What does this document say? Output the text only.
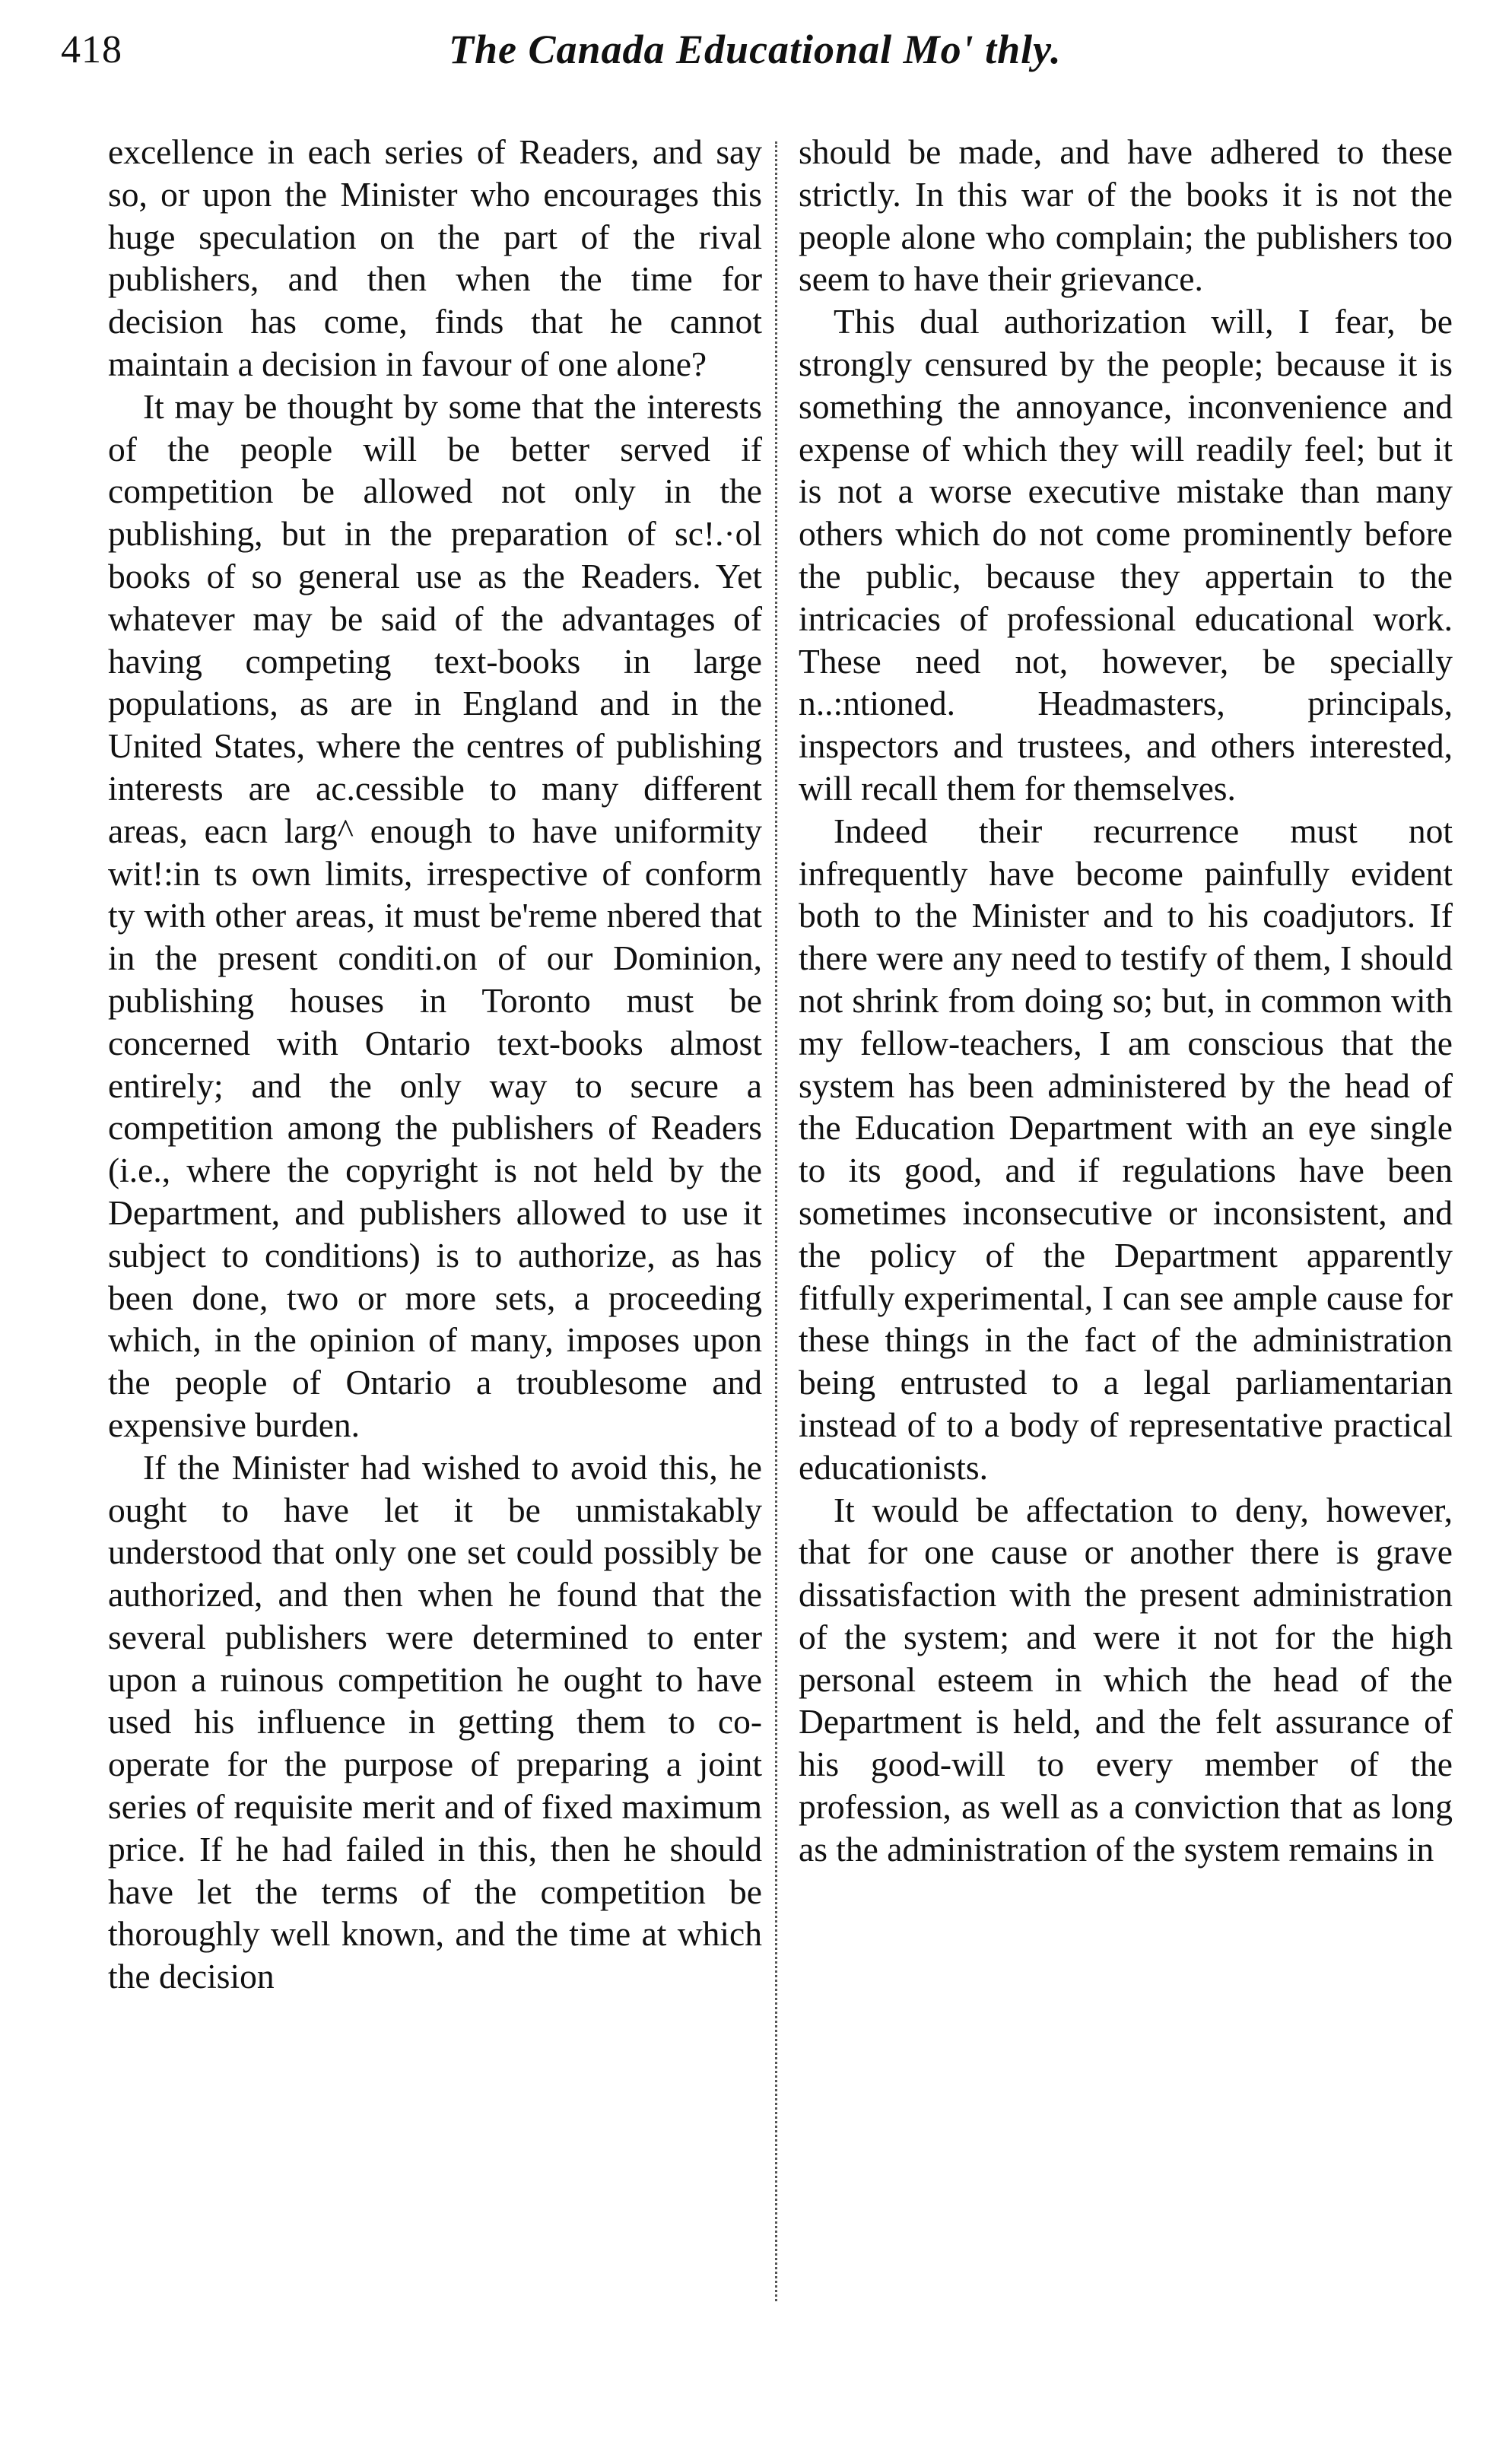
418	The Canada Educational Mo' thly.

excellence in each series of Readers, and say so, or upon the Minister who encourages this huge speculation on the part of the rival publishers, and then when the time for decision has come, finds that he cannot maintain a decision in favour of one alone?

It may be thought by some that the interests of the people will be better served if competition be allowed not only in the publishing, but in the preparation of sc!.·ol books of so general use as the Readers. Yet whatever may be said of the advantages of having competing text-books in large populations, as are in England and in the United States, where the centres of publishing interests are ac.cessible to many different areas, eacn larg^ enough to have uniformity wit!:in ts own limits, irrespective of conform ty with other areas, it must be'reme nbered that in the present conditi.on of our Dominion, publishing houses in Toronto must be concerned with Ontario text-books almost entirely; and the only way to secure a competition among the publishers of Readers (i.e., where the copyright is not held by the Department, and publishers allowed to use it subject to conditions) is to authorize, as has been done, two or more sets, a proceeding which, in the opinion of many, imposes upon the people of Ontario a troublesome and expensive burden.

If the Minister had wished to avoid this, he ought to have let it be unmistakably understood that only one set could possibly be authorized, and then when he found that the several publishers were determined to enter upon a ruinous competition he ought to have used his influence in getting them to co-operate for the purpose of preparing a joint series of requisite merit and of fixed maximum price. If he had failed in this, then he should have let the terms of the competition be thoroughly well known, and the time at which the decision

should be made, and have adhered to these strictly. In this war of the books it is not the people alone who complain; the publishers too seem to have their grievance.

This dual authorization will, I fear, be strongly censured by the people; because it is something the annoyance, inconvenience and expense of which they will readily feel; but it is not a worse executive mistake than many others which do not come prominently before the public, because they appertain to the intricacies of professional educational work. These need not, however, be specially n..:ntioned. Headmasters, principals, inspectors and trustees, and others interested, will recall them for themselves.

Indeed their recurrence must not infrequently have become painfully evident both to the Minister and to his coadjutors. If there were any need to testify of them, I should not shrink from doing so; but, in common with my fellow-teachers, I am conscious that the system has been administered by the head of the Education Department with an eye single to its good, and if regulations have been sometimes inconsecutive or inconsistent, and the policy of the Department apparently fitfully experimental, I can see ample cause for these things in the fact of the administration being entrusted to a legal parliamentarian instead of to a body of representative practical educationists.

It would be affectation to deny, however, that for one cause or another there is grave dissatisfaction with the present administration of the system; and were it not for the high personal esteem in which the head of the Department is held, and the felt assurance of his good-will to every member of the profession, as well as a conviction that as long as the administration of the system remains in
